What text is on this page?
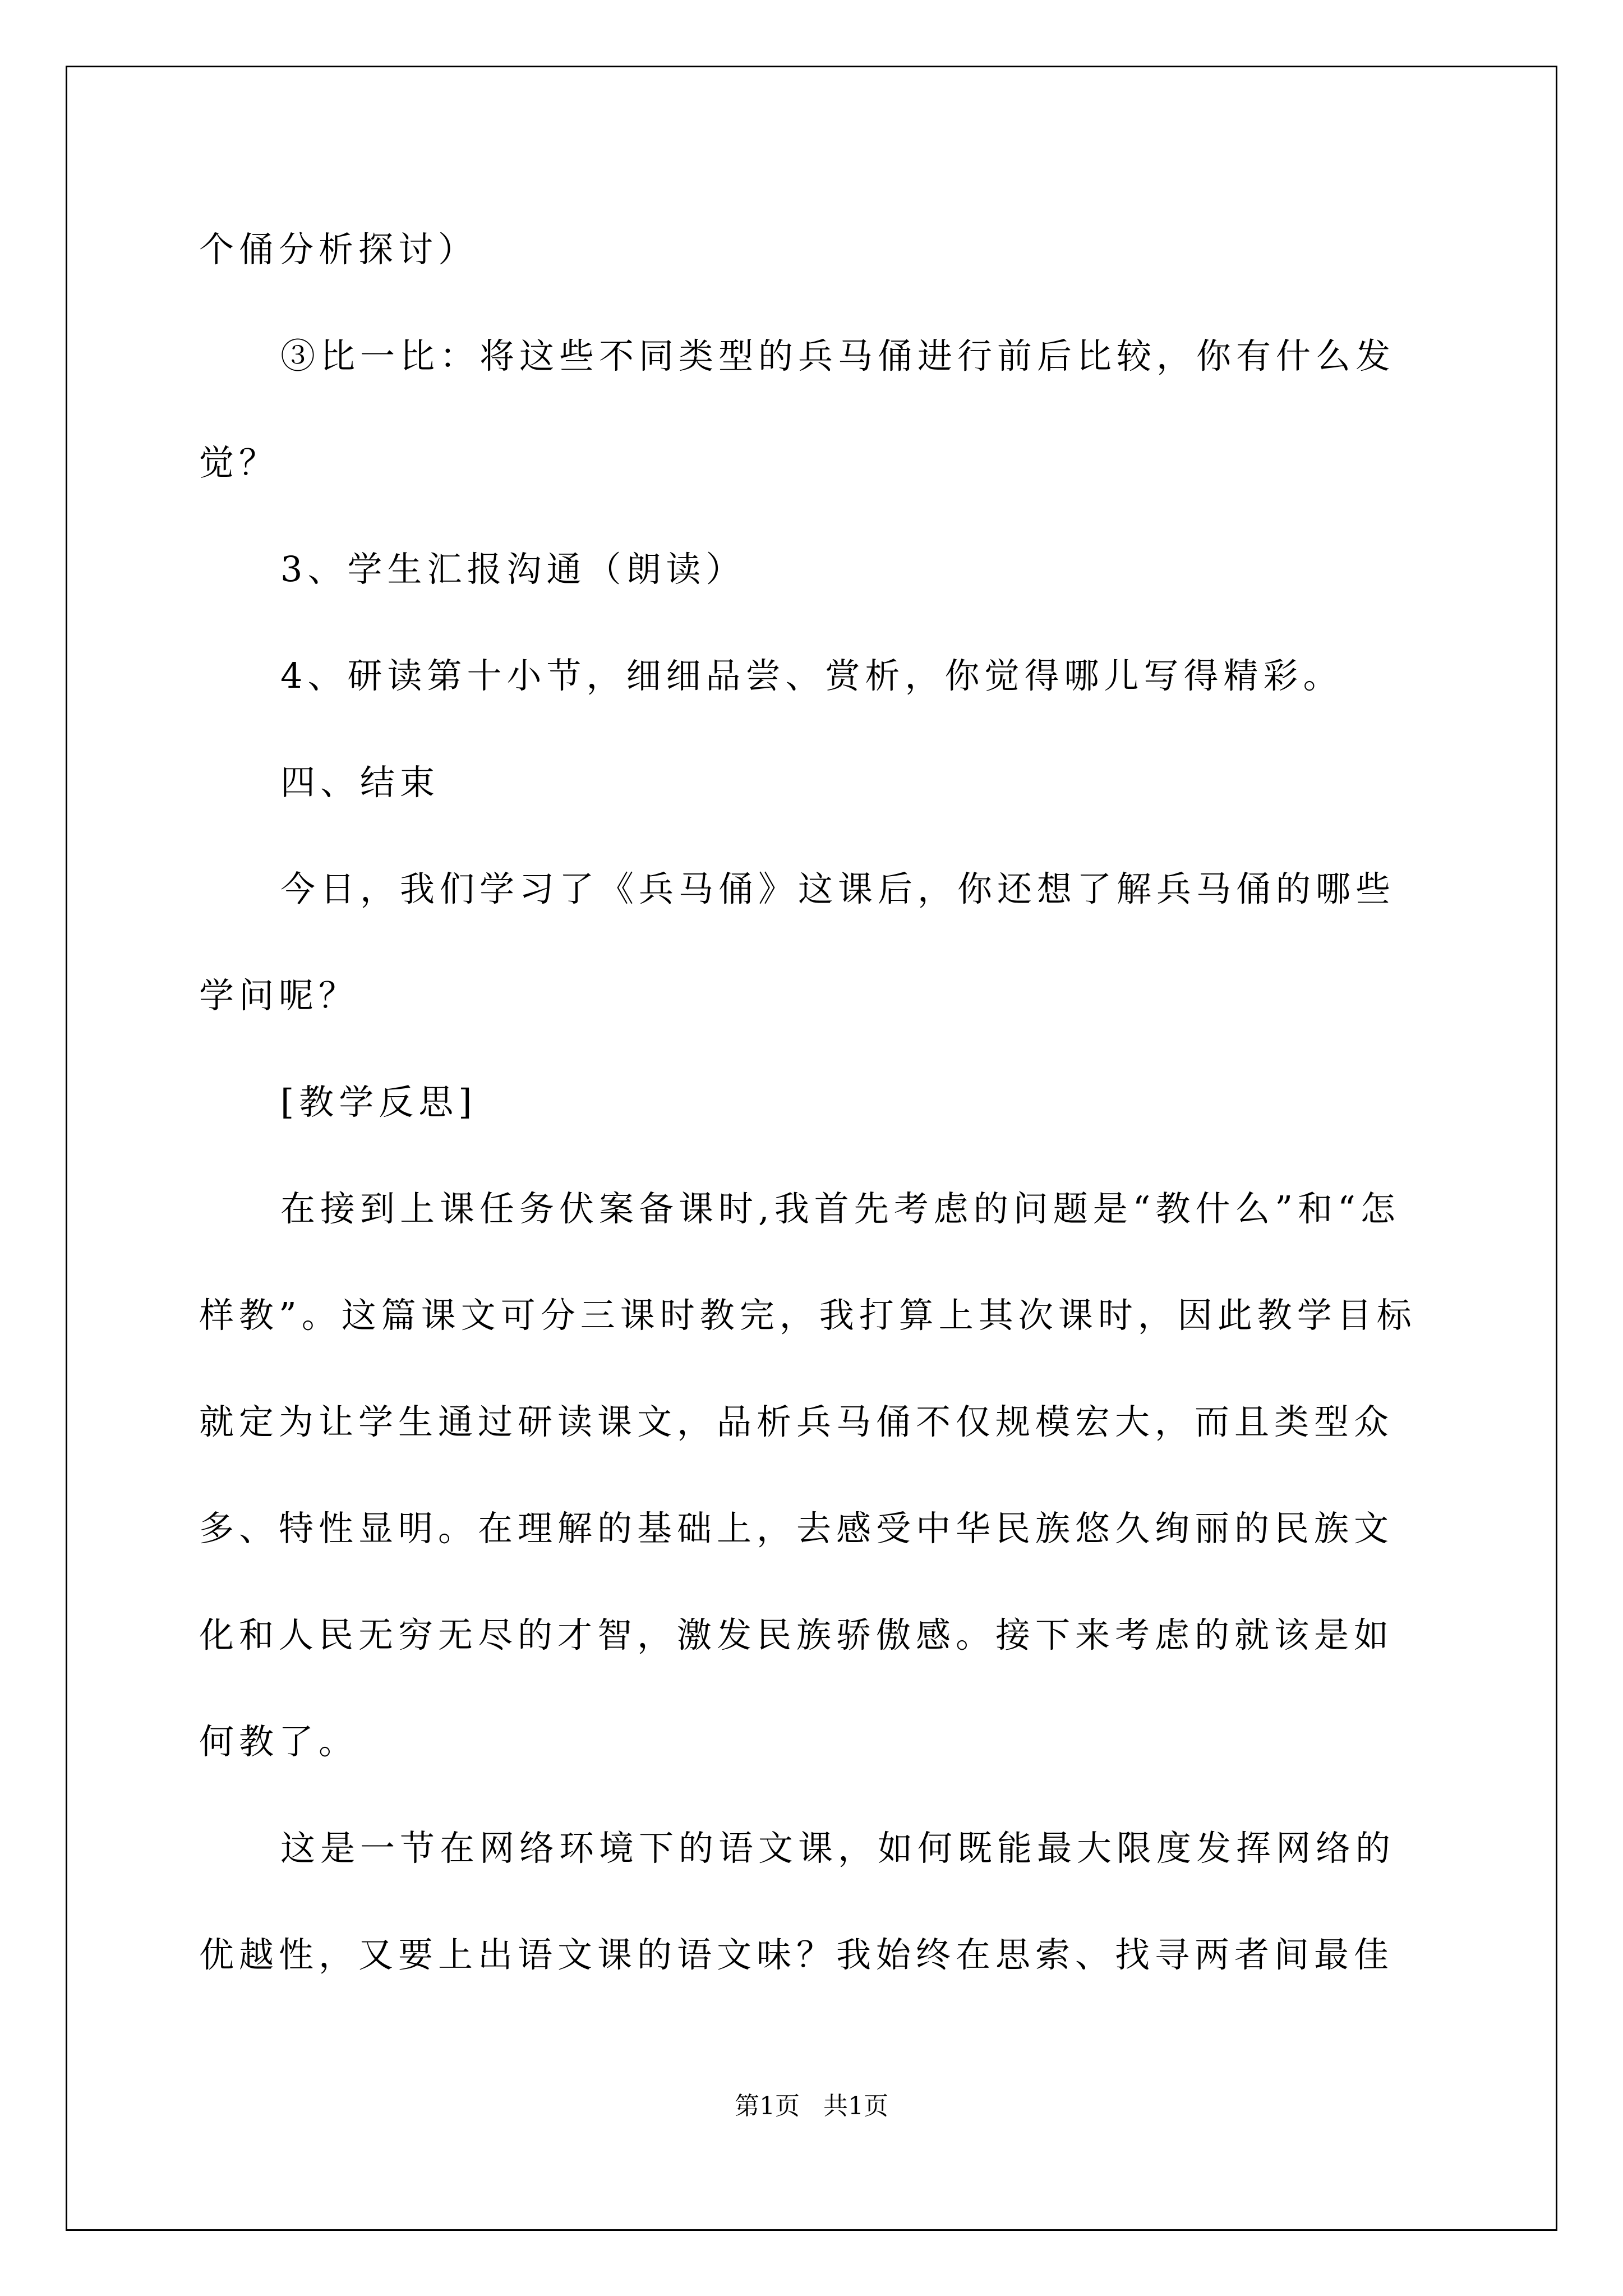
个俑分析探讨）
③比一比：将这些不同类型的兵马俑进行前后比较，你有什么发
觉？
3、学生汇报沟通（朗读）
4、研读第十小节，细细品尝、赏析，你觉得哪儿写得精彩。
四、结束
今日，我们学习了《兵马俑》这课后，你还想了解兵马俑的哪些
学问呢？
[教学反思]
在接到上课任务伏案备课时,我首先考虑的问题是“教什么”和“怎
样教”。这篇课文可分三课时教完，我打算上其次课时，因此教学目标
就定为让学生通过研读课文，品析兵马俑不仅规模宏大，而且类型众
多、特性显明。在理解的基础上，去感受中华民族悠久绚丽的民族文
化和人民无穷无尽的才智，激发民族骄傲感。接下来考虑的就该是如
何教了。
这是一节在网络环境下的语文课，如何既能最大限度发挥网络的
优越性，又要上出语文课的语文味？我始终在思索、找寻两者间最佳
第1页 共1页
